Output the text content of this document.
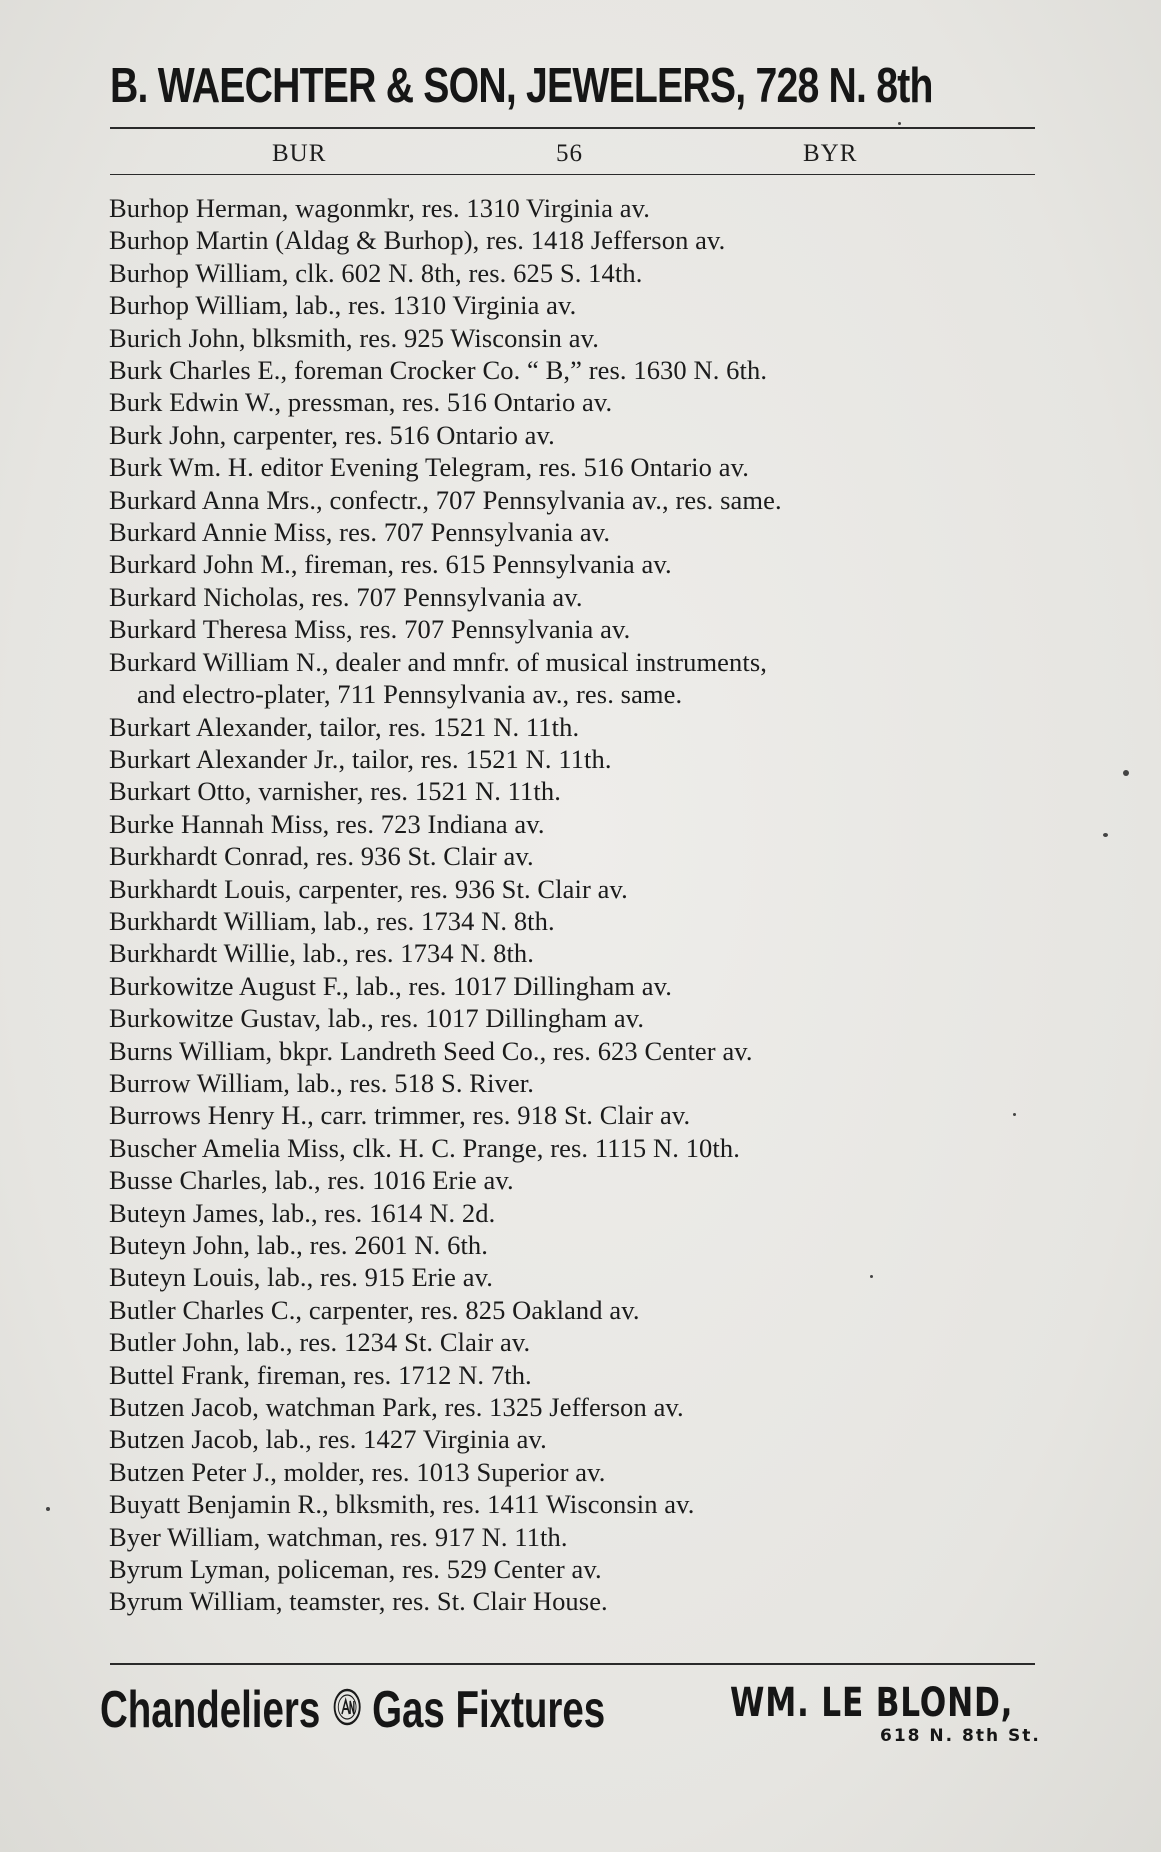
B. WAECHTER & SON, JEWELERS, 728 N. 8th
BUR	56	BYR
Burhop Herman, wagonmkr, res. 1310 Virginia av.
Burhop Martin (Aldag & Burhop), res. 1418 Jefferson av.
Burhop William, clk. 602 N. 8th, res. 625 S. 14th.
Burhop William, lab., res. 1310 Virginia av.
Burich John, blksmith, res. 925 Wisconsin av.
Burk Charles E., foreman Crocker Co. “ B,” res. 1630 N. 6th.
Burk Edwin W., pressman, res. 516 Ontario av.
Burk John, carpenter, res. 516 Ontario av.
Burk Wm. H. editor Evening Telegram, res. 516 Ontario av.
Burkard Anna Mrs., confectr., 707 Pennsylvania av., res. same.
Burkard Annie Miss, res. 707 Pennsylvania av.
Burkard John M., fireman, res. 615 Pennsylvania av.
Burkard Nicholas, res. 707 Pennsylvania av.
Burkard Theresa Miss, res. 707 Pennsylvania av.
Burkard William N., dealer and mnfr. of musical instruments,
and electro-plater, 711 Pennsylvania av., res. same.
Burkart Alexander, tailor, res. 1521 N. 11th.
Burkart Alexander Jr., tailor, res. 1521 N. 11th.
Burkart Otto, varnisher, res. 1521 N. 11th.
Burke Hannah Miss, res. 723 Indiana av.
Burkhardt Conrad, res. 936 St. Clair av.
Burkhardt Louis, carpenter, res. 936 St. Clair av.
Burkhardt William, lab., res. 1734 N. 8th.
Burkhardt Willie, lab., res. 1734 N. 8th.
Burkowitze August F., lab., res. 1017 Dillingham av.
Burkowitze Gustav, lab., res. 1017 Dillingham av.
Burns William, bkpr. Landreth Seed Co., res. 623 Center av.
Burrow William, lab., res. 518 S. River.
Burrows Henry H., carr. trimmer, res. 918 St. Clair av.
Buscher Amelia Miss, clk. H. C. Prange, res. 1115 N. 10th.
Busse Charles, lab., res. 1016 Erie av.
Buteyn James, lab., res. 1614 N. 2d.
Buteyn John, lab., res. 2601 N. 6th.
Buteyn Louis, lab., res. 915 Erie av.
Butler Charles C., carpenter, res. 825 Oakland av.
Butler John, lab., res. 1234 St. Clair av.
Buttel Frank, fireman, res. 1712 N. 7th.
Butzen Jacob, watchman Park, res. 1325 Jefferson av.
Butzen Jacob, lab., res. 1427 Virginia av.
Butzen Peter J., molder, res. 1013 Superior av.
Buyatt Benjamin R., blksmith, res. 1411 Wisconsin av.
Byer William, watchman, res. 917 N. 11th.
Byrum Lyman, policeman, res. 529 Center av.
Byrum William, teamster, res. St. Clair House.
Chandeliers Gas Fixtures	WM. LE BLOND,
618 N. 8th St.
